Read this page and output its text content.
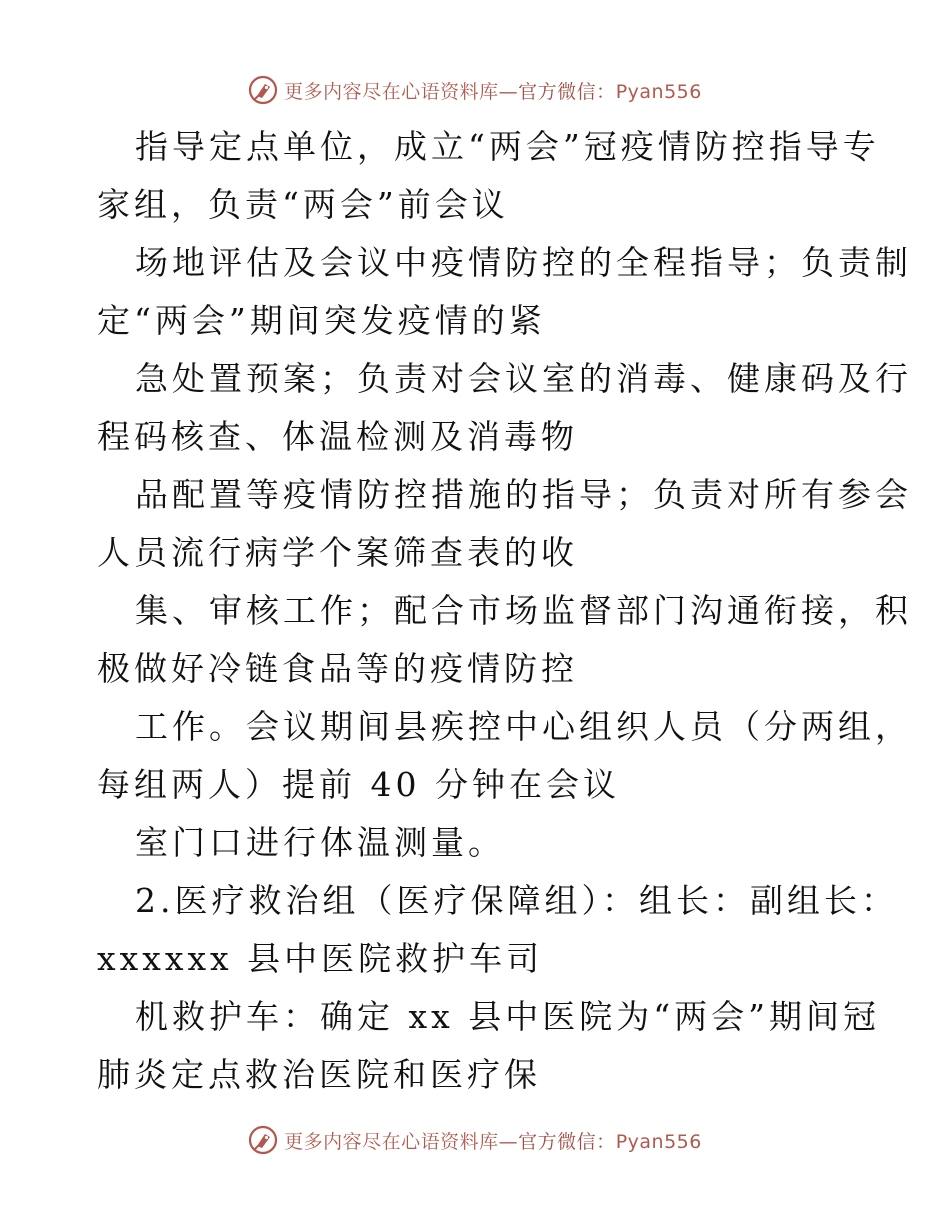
更多内容尽在心语资料库—官方微信：Pyan556
指导定点单位，成立“两会”冠疫情防控指导专
家组，负责“两会”前会议
场地评估及会议中疫情防控的全程指导；负责制
定“两会”期间突发疫情的紧
急处置预案；负责对会议室的消毒、健康码及行
程码核查、体温检测及消毒物
品配置等疫情防控措施的指导；负责对所有参会
人员流行病学个案筛查表的收
集、审核工作；配合市场监督部门沟通衔接，积
极做好冷链食品等的疫情防控
工作。会议期间县疾控中心组织人员（分两组，
每组两人）提前 40 分钟在会议
室门口进行体温测量。
2.医疗救治组（医疗保障组）：组长：副组长：
xxxxxx 县中医院救护车司
机救护车：确定 xx 县中医院为“两会”期间冠
肺炎定点救治医院和医疗保
更多内容尽在心语资料库—官方微信：Pyan556
